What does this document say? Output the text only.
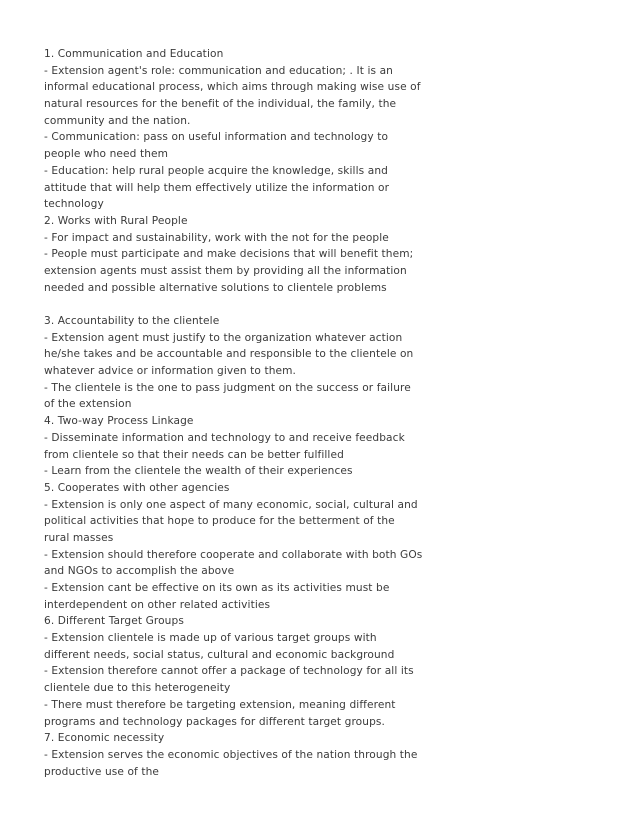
1. Communication and Education
- Extension agent's role: communication and education; . It is an
informal educational process, which aims through making wise use of
natural resources for the benefit of the individual, the family, the
community and the nation.
- Communication: pass on useful information and technology to
people who need them
- Education: help rural people acquire the knowledge, skills and
attitude that will help them effectively utilize the information or
technology
2. Works with Rural People
- For impact and sustainability, work with the not for the people
- People must participate and make decisions that will benefit them;
extension agents must assist them by providing all the information
needed and possible alternative solutions to clientele problems
3. Accountability to the clientele
- Extension agent must justify to the organization whatever action
he/she takes and be accountable and responsible to the clientele on
whatever advice or information given to them.
- The clientele is the one to pass judgment on the success or failure
of the extension
4. Two-way Process Linkage
- Disseminate information and technology to and receive feedback
from clientele so that their needs can be better fulfilled
- Learn from the clientele the wealth of their experiences
5. Cooperates with other agencies
- Extension is only one aspect of many economic, social, cultural and
political activities that hope to produce for the betterment of the
rural masses
- Extension should therefore cooperate and collaborate with both GOs
and NGOs to accomplish the above
- Extension cant be effective on its own as its activities must be
interdependent on other related activities
6. Different Target Groups
- Extension clientele is made up of various target groups with
different needs, social status, cultural and economic background
- Extension therefore cannot offer a package of technology for all its
clientele due to this heterogeneity
- There must therefore be targeting extension, meaning different
programs and technology packages for different target groups.
7. Economic necessity
- Extension serves the economic objectives of the nation through the
productive use of the
